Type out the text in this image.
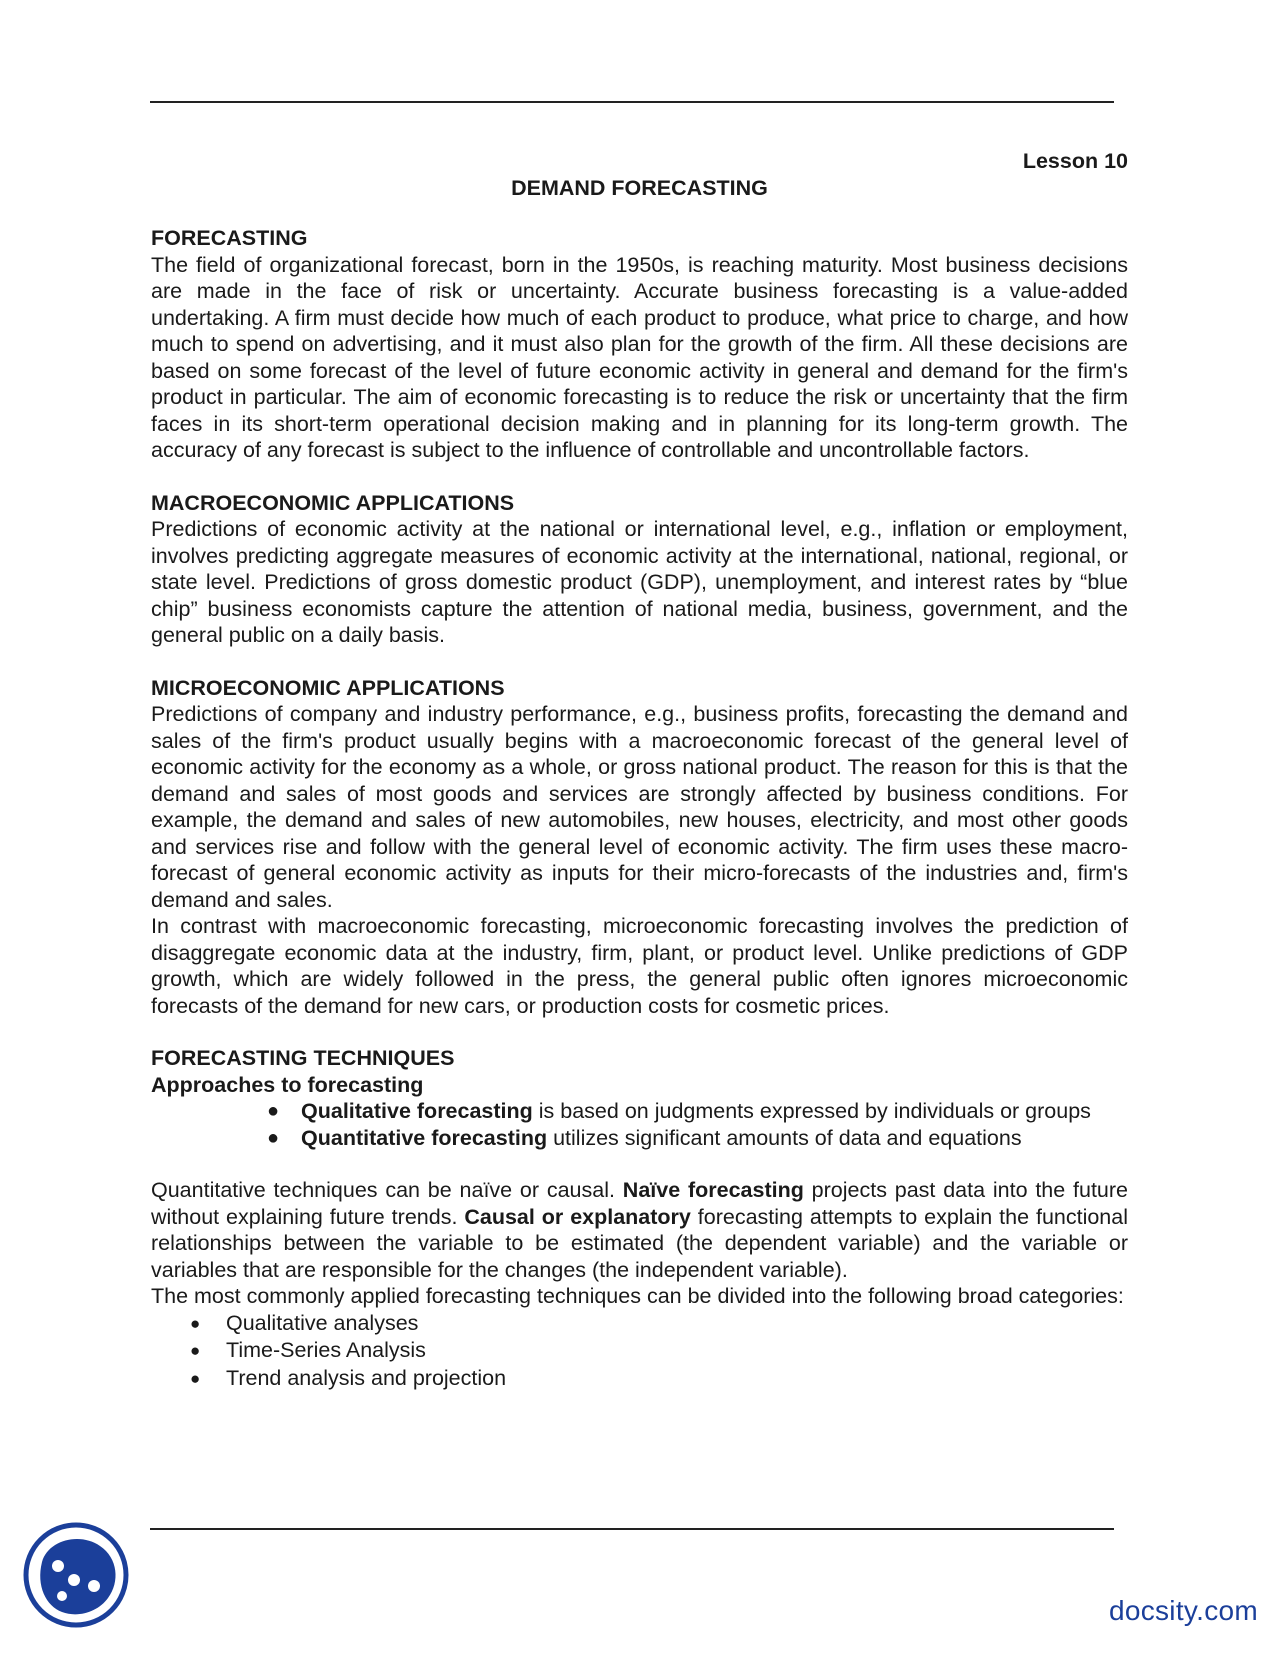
Lesson 10

DEMAND FORECASTING

FORECASTING

The field of organizational forecast, born in the 1950s, is reaching maturity. Most business decisions are made in the face of risk or uncertainty. Accurate business forecasting is a value-added undertaking. A firm must decide how much of each product to produce, what price to charge, and how much to spend on advertising, and it must also plan for the growth of the firm. All these decisions are based on some forecast of the level of future economic activity in general and demand for the firm's product in particular. The aim of economic forecasting is to reduce the risk or uncertainty that the firm faces in its short-term operational decision making and in planning for its long-term growth. The accuracy of any forecast is subject to the influence of controllable and uncontrollable factors.

MACROECONOMIC APPLICATIONS

Predictions of economic activity at the national or international level, e.g., inflation or employment, involves predicting aggregate measures of economic activity at the international, national, regional, or state level. Predictions of gross domestic product (GDP), unemployment, and interest rates by “blue chip” business economists capture the attention of national media, business, government, and the general public on a daily basis.

MICROECONOMIC APPLICATIONS

Predictions of company and industry performance, e.g., business profits, forecasting the demand and sales of the firm's product usually begins with a macroeconomic forecast of the general level of economic activity for the economy as a whole, or gross national product. The reason for this is that the demand and sales of most goods and services are strongly affected by business conditions. For example, the demand and sales of new automobiles, new houses, electricity, and most other goods and services rise and follow with the general level of economic activity. The firm uses these macro-forecast of general economic activity as inputs for their micro-forecasts of the industries and, firm's demand and sales.

In contrast with macroeconomic forecasting, microeconomic forecasting involves the prediction of disaggregate economic data at the industry, firm, plant, or product level. Unlike predictions of GDP growth, which are widely followed in the press, the general public often ignores microeconomic forecasts of the demand for new cars, or production costs for cosmetic prices.

FORECASTING TECHNIQUES

Approaches to forecasting

● Qualitative forecasting is based on judgments expressed by individuals or groups
● Quantitative forecasting utilizes significant amounts of data and equations

Quantitative techniques can be naïve or causal. Naïve forecasting projects past data into the future without explaining future trends. Causal or explanatory forecasting attempts to explain the functional relationships between the variable to be estimated (the dependent variable) and the variable or variables that are responsible for the changes (the independent variable).

The most commonly applied forecasting techniques can be divided into the following broad categories:

● Qualitative analyses
● Time-Series Analysis
● Trend analysis and projection
docsity.com
